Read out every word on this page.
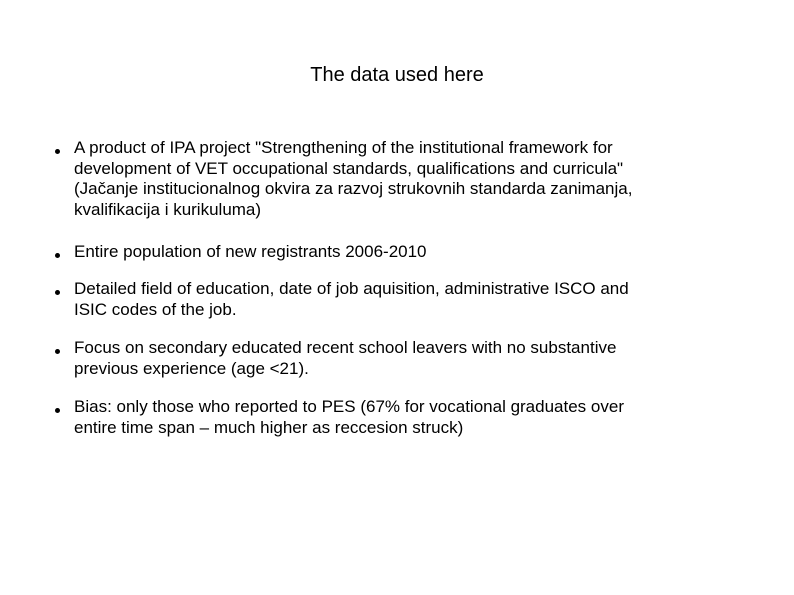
The data used here
A product of IPA project "Strengthening of the institutional framework for
development of VET occupational standards, qualifications and curricula"
(Jačanje institucionalnog okvira za razvoj strukovnih standarda zanimanja,
kvalifikacija i kurikuluma)
Entire population of new registrants 2006-2010
Detailed field of education, date of job aquisition, administrative ISCO and
ISIC codes of the job.
Focus on secondary educated recent school leavers with no substantive
previous experience (age <21).
Bias: only those who reported to PES (67% for vocational graduates over
entire time span – much higher as reccesion struck)
